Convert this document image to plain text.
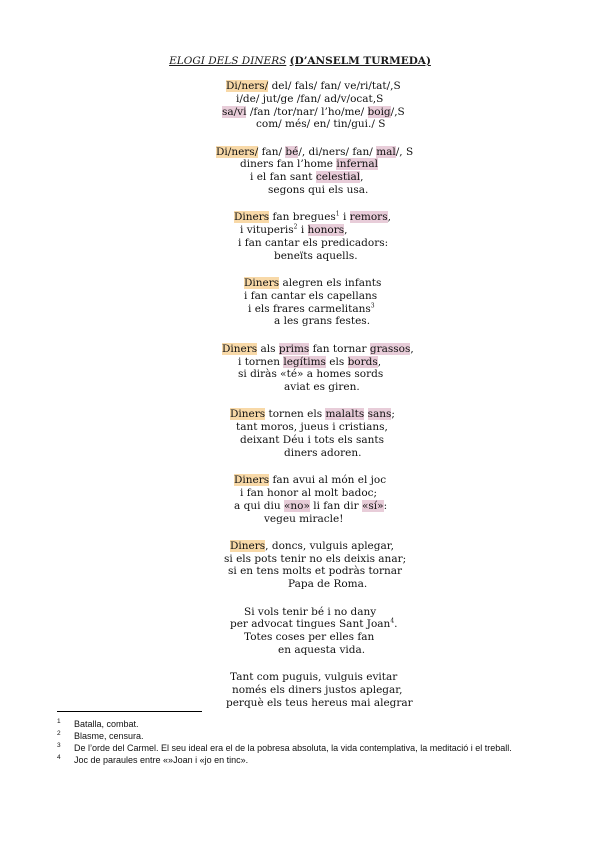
ELOGI DELS DINERS (D’ANSELM TURMEDA)
Di/ners/ del/ fals/ fan/ ve/ri/tat/,S
i/de/ jut/ge /fan/ ad/v/ocat,S
sa/vi /fan /tor/nar/ l’ho/me/ boig/,S
com/ més/ en/ tin/gui./ S
Di/ners/ fan/ bé/, di/ners/ fan/ mal/, S
diners fan l’home infernal
i el fan sant celestial,
segons qui els usa.
Diners fan bregues$^1$ i remors,
i vituperis$^2$ i honors,
i fan cantar els predicadors:
beneïts aquells.
Diners alegren els infants
i fan cantar els capellans
i els frares carmelitans$^3$
a les grans festes.
Diners als prims fan tornar grassos,
i tornen legítims els bords,
si diràs «té» a homes sords
aviat es giren.
Diners tornen els malalts sans;
tant moros, jueus i cristians,
deixant Déu i tots els sants
diners adoren.
Diners fan avui al món el joc
i fan honor al molt badoc;
a qui diu «no» li fan dir «sí»:
vegeu miracle!
Diners, doncs, vulguis aplegar,
si els pots tenir no els deixis anar;
si en tens molts et podràs tornar
Papa de Roma.
Si vols tenir bé i no dany
per advocat tingues Sant Joan$^4$.
Totes coses per elles fan
en aquesta vida.
Tant com puguis, vulguis evitar
només els diners justos aplegar,
perquè els teus hereus mai alegrar
1 Batalla, combat.
2 Blasme, censura.
3 De l’orde del Carmel. El seu ideal era el de la pobresa absoluta, la vida contemplativa, la meditació i el treball.
4 Joc de paraules entre «»Joan i «jo en tinc».
